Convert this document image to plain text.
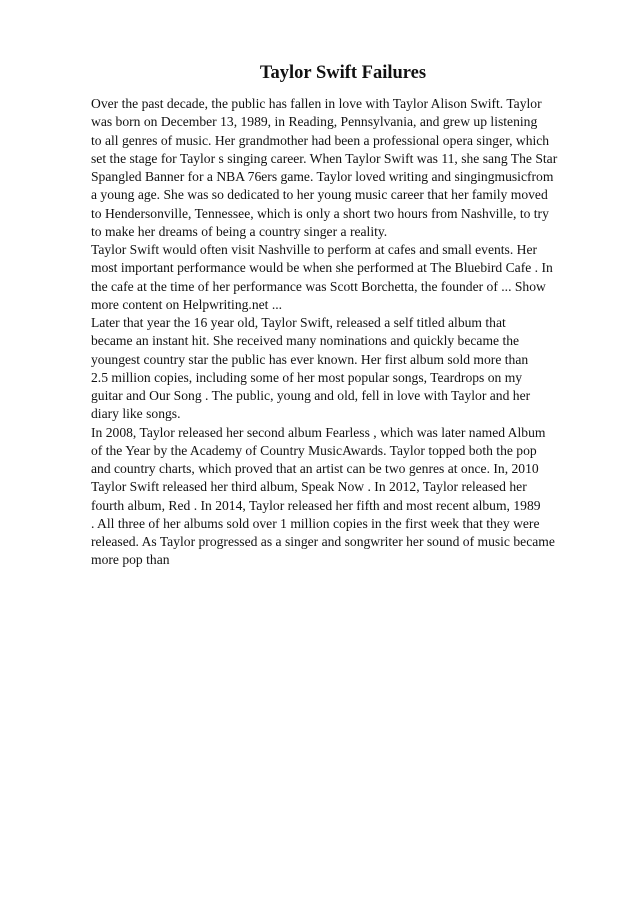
Taylor Swift Failures
Over the past decade, the public has fallen in love with Taylor Alison Swift. Taylor
was born on December 13, 1989, in Reading, Pennsylvania, and grew up listening
to all genres of music. Her grandmother had been a professional opera singer, which
set the stage for Taylor s singing career. When Taylor Swift was 11, she sang The Star
Spangled Banner for a NBA 76ers game. Taylor loved writing and singingmusicfrom
a young age. She was so dedicated to her young music career that her family moved
to Hendersonville, Tennessee, which is only a short two hours from Nashville, to try
to make her dreams of being a country singer a reality.
Taylor Swift would often visit Nashville to perform at cafes and small events. Her
most important performance would be when she performed at The Bluebird Cafe . In
the cafe at the time of her performance was Scott Borchetta, the founder of ... Show
more content on Helpwriting.net ...
Later that year the 16 year old, Taylor Swift, released a self titled album that
became an instant hit. She received many nominations and quickly became the
youngest country star the public has ever known. Her first album sold more than
2.5 million copies, including some of her most popular songs, Teardrops on my
guitar and Our Song . The public, young and old, fell in love with Taylor and her
diary like songs.
In 2008, Taylor released her second album Fearless , which was later named Album
of the Year by the Academy of Country MusicAwards. Taylor topped both the pop
and country charts, which proved that an artist can be two genres at once. In, 2010
Taylor Swift released her third album, Speak Now . In 2012, Taylor released her
fourth album, Red . In 2014, Taylor released her fifth and most recent album, 1989
. All three of her albums sold over 1 million copies in the first week that they were
released. As Taylor progressed as a singer and songwriter her sound of music became
more pop than
